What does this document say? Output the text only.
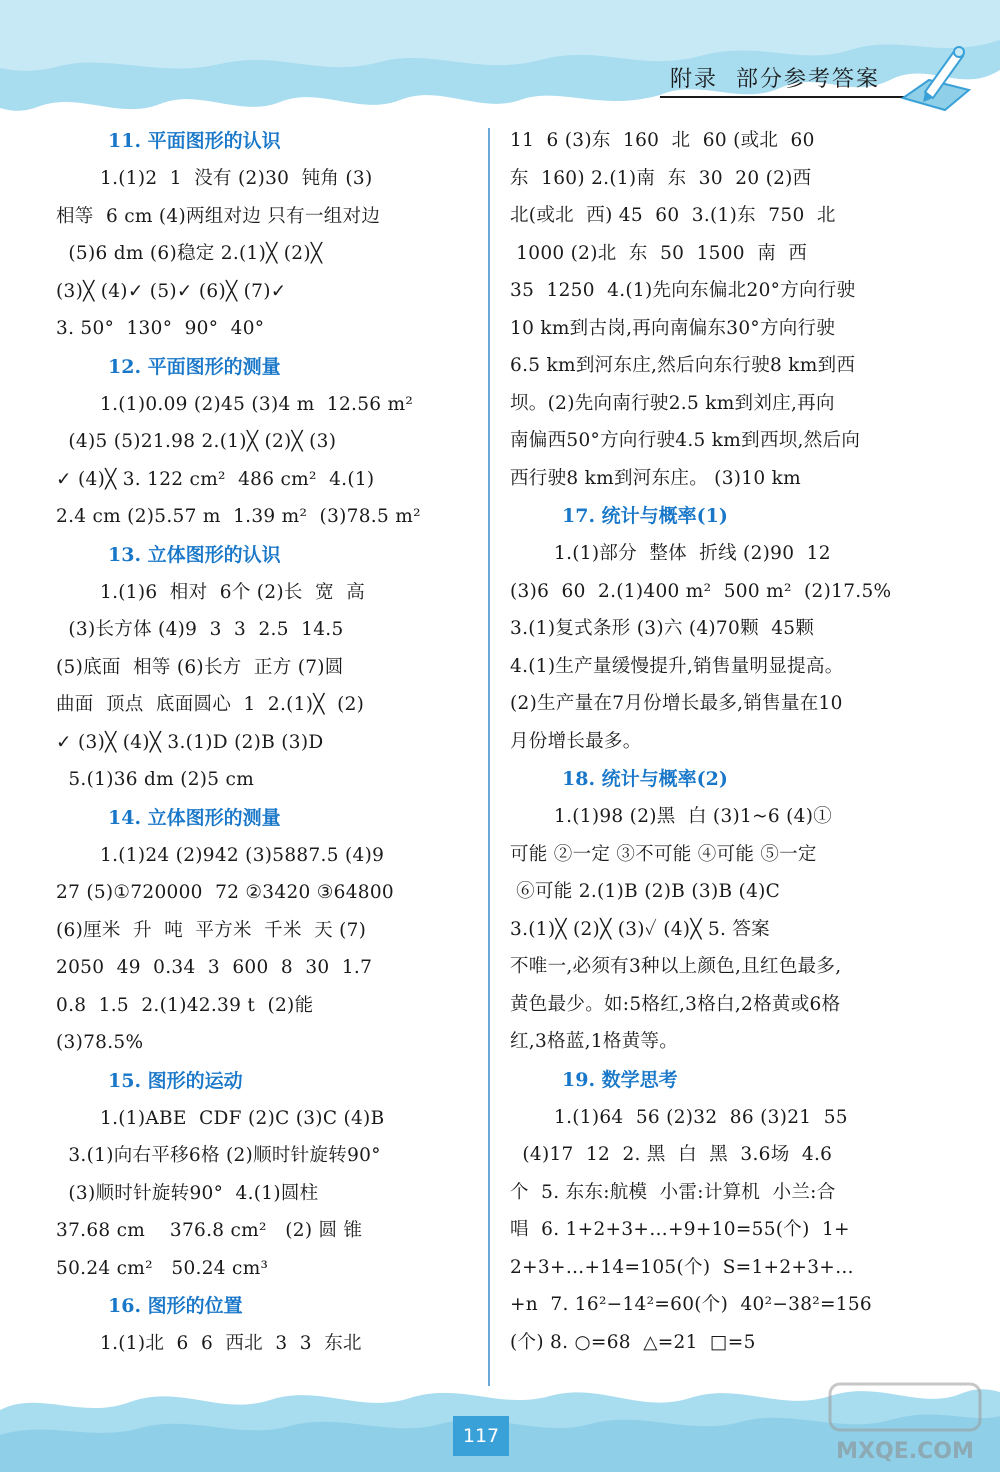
附录 部分参考答案
11. 平面图形的认识
1.(1)2  1  没有 (2)30  钝角 (3)
相等  6 cm (4)两组对边 只有一组对边
(5)6 dm (6)稳定 2.(1)╳ (2)╳
(3)╳ (4)✓ (5)✓ (6)╳ (7)✓
3. 50°  130°  90°  40°
12. 平面图形的测量
1.(1)0.09 (2)45 (3)4 m  12.56 m²
(4)5 (5)21.98 2.(1)╳ (2)╳ (3)
✓ (4)╳ 3. 122 cm²  486 cm²  4.(1)
2.4 cm (2)5.57 m  1.39 m²  (3)78.5 m²
13. 立体图形的认识
1.(1)6  相对  6个 (2)长  宽  高
(3)长方体 (4)9  3  3  2.5  14.5
(5)底面  相等 (6)长方  正方 (7)圆
曲面  顶点  底面圆心  1  2.(1)╳  (2)
✓ (3)╳ (4)╳ 3.(1)D (2)B (3)D
5.(1)36 dm (2)5 cm
14. 立体图形的测量
1.(1)24 (2)942 (3)5887.5 (4)9
27 (5)①720000  72 ②3420 ③64800
(6)厘米  升  吨  平方米  千米  天 (7)
2050  49  0.34  3  600  8  30  1.7
0.8  1.5  2.(1)42.39 t  (2)能
(3)78.5%
15. 图形的运动
1.(1)ABE  CDF (2)C (3)C (4)B
3.(1)向右平移6格 (2)顺时针旋转90°
(3)顺时针旋转90°  4.(1)圆柱
37.68 cm    376.8 cm²   (2) 圆 锥
50.24 cm²   50.24 cm³
16. 图形的位置
1.(1)北  6  6  西北  3  3  东北
11  6 (3)东  160  北  60 (或北  60
东  160) 2.(1)南  东  30  20 (2)西
北(或北  西) 45  60  3.(1)东  750  北
1000 (2)北  东  50  1500  南  西
35  1250  4.(1)先向东偏北20°方向行驶
10 km到古岗,再向南偏东30°方向行驶
6.5 km到河东庄,然后向东行驶8 km到西
坝。(2)先向南行驶2.5 km到刘庄,再向
南偏西50°方向行驶4.5 km到西坝,然后向
西行驶8 km到河东庄。 (3)10 km
17. 统计与概率(1)
1.(1)部分  整体  折线 (2)90  12
(3)6  60  2.(1)400 m²  500 m²  (2)17.5%
3.(1)复式条形 (3)六 (4)70颗  45颗
4.(1)生产量缓慢提升,销售量明显提高。
(2)生产量在7月份增长最多,销售量在10
月份增长最多。
18. 统计与概率(2)
1.(1)98 (2)黑  白 (3)1~6 (4)①
可能 ②一定 ③不可能 ④可能 ⑤一定
⑥可能 2.(1)B (2)B (3)B (4)C
3.(1)╳ (2)╳ (3)✓ (4)╳ 5. 答案
不唯一,必须有3种以上颜色,且红色最多,
黄色最少。如:5格红,3格白,2格黄或6格
红,3格蓝,1格黄等。
19. 数学思考
1.(1)64  56 (2)32  86 (3)21  55
(4)17  12  2. 黑  白  黑  3.6场  4.6
个  5. 东东:航模  小雷:计算机  小兰:合
唱  6. 1+2+3+…+9+10=55(个)  1+
2+3+…+14=105(个)  S=1+2+3+…
+n  7. 16²−14²=60(个)  40²−38²=156
(个) 8. ○=68  △=21  □=5
117
MXQE.COM
